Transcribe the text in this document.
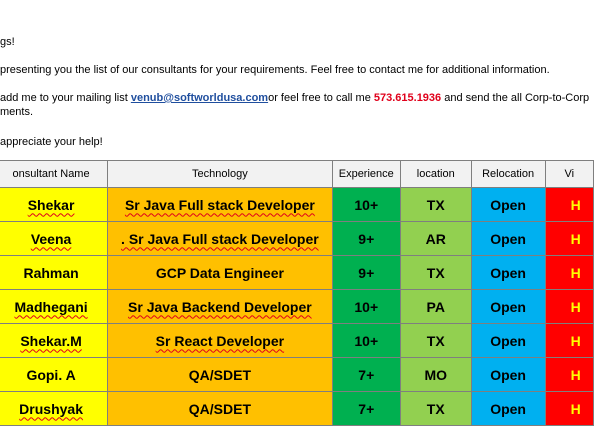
gs!
presenting you the list of our consultants for your requirements. Feel free to contact me for additional information.
add me to your mailing list venub@softworldusa.comor feel free to call me 573.615.1936 and send the all Corp-to-Corp
ments.
appreciate your help!
onsultant Name	Technology	Experience	location	Relocation	Vi
Shekar	Sr Java Full stack Developer	10+	TX	Open	H
Veena	. Sr Java Full stack Developer	9+	AR	Open	H
Rahman	GCP Data Engineer	9+	TX	Open	H
Madhegani	Sr Java Backend Developer	10+	PA	Open	H
Shekar.M	Sr React Developer	10+	TX	Open	H
Gopi. A	QA/SDET	7+	MO	Open	H
Drushyak	QA/SDET	7+	TX	Open	H
